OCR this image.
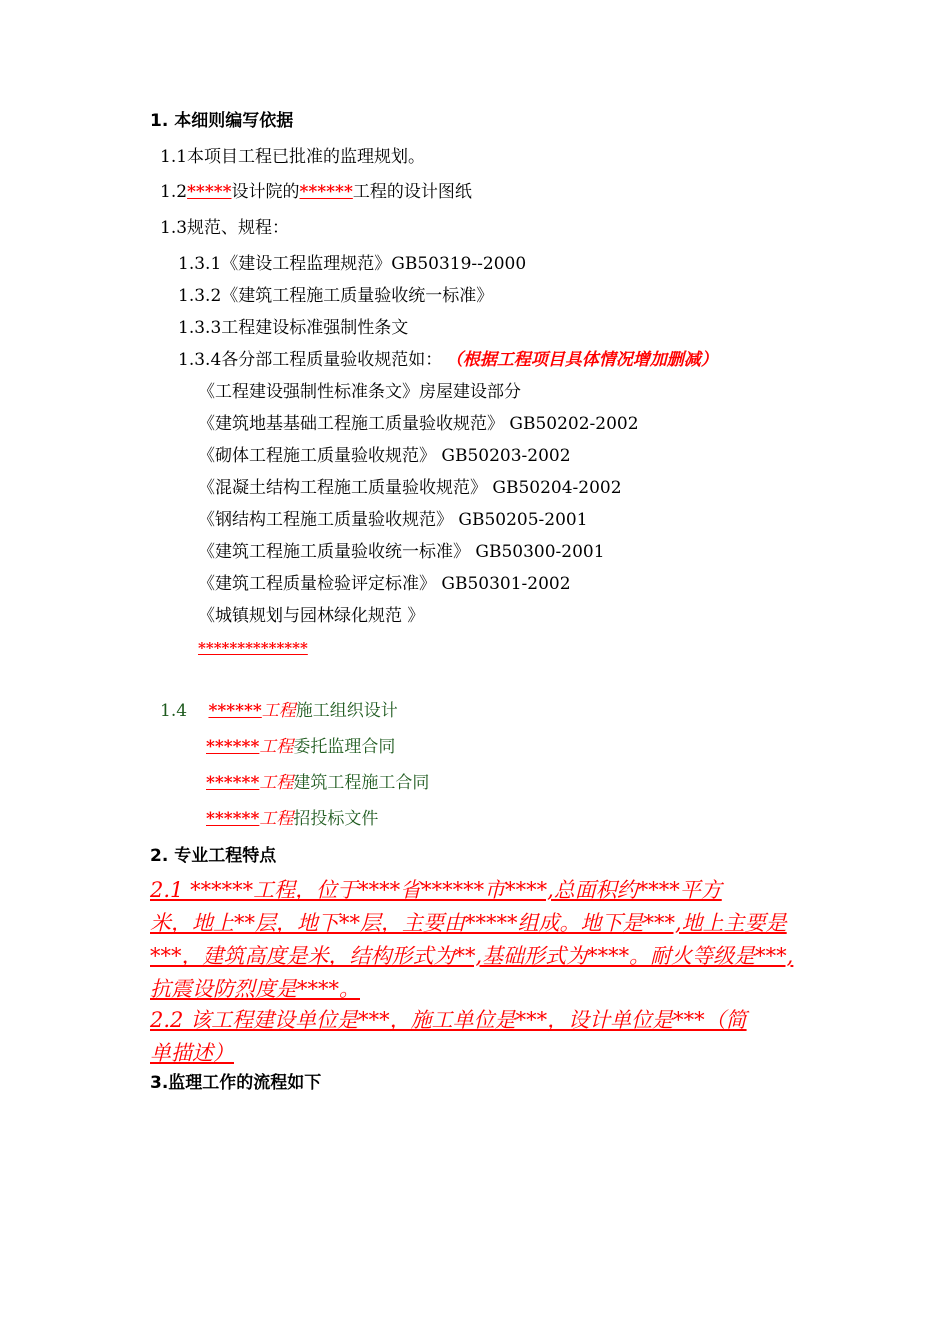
1. 本细则编写依据
1.1本项目工程已批准的监理规划。
1.2*****设计院的******工程的设计图纸
1.3规范、规程：
1.3.1《建设工程监理规范》GB50319--2000
1.3.2《建筑工程施工质量验收统一标准》
1.3.3工程建设标准强制性条文
1.3.4各分部工程质量验收规范如： （根据工程项目具体情况增加删减）
《工程建设强制性标准条文》房屋建设部分
《建筑地基基础工程施工质量验收规范》 GB50202-2002
《砌体工程施工质量验收规范》 GB50203-2002
《混凝土结构工程施工质量验收规范》 GB50204-2002
《钢结构工程施工质量验收规范》 GB50205-2001
《建筑工程施工质量验收统一标准》 GB50300-2001
《建筑工程质量检验评定标准》 GB50301-2002
《城镇规划与园林绿化规范 》
**************
1.4 ******工程施工组织设计
******工程委托监理合同
******工程建筑工程施工合同
******工程招投标文件
2. 专业工程特点
2.1 ******工程，位于****省******市****,总面积约****平方
米，地上**层，地下**层，主要由*****组成。地下是***,地上主要是
***，建筑高度是米，结构形式为**,基础形式为****。耐火等级是***,
抗震设防烈度是****。
2.2 该工程建设单位是***，施工单位是***，设计单位是***（简
单描述）
3.监理工作的流程如下
